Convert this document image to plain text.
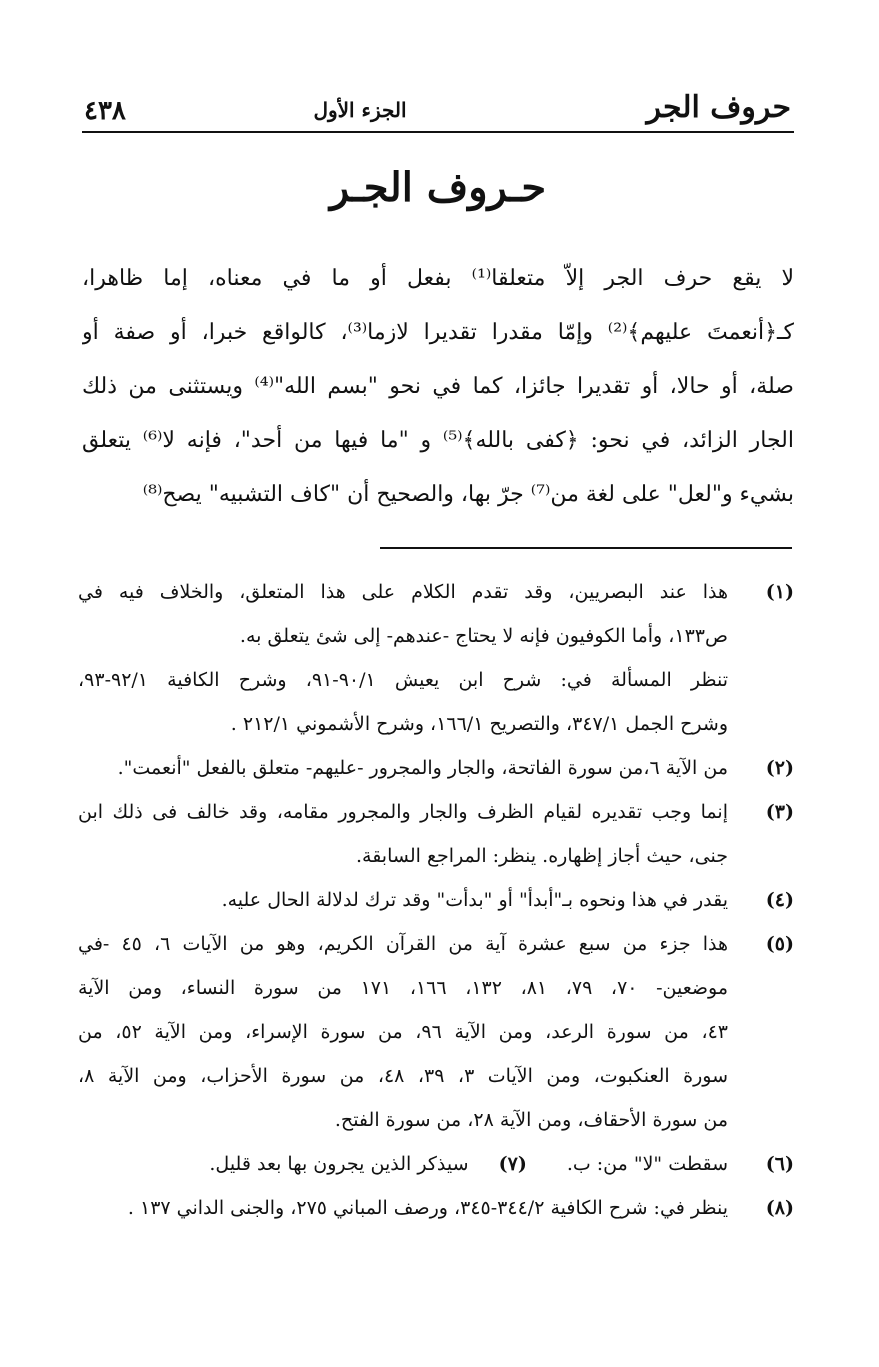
حروف الجر
الجزء الأول
٤٣٨
حـروف الجـر
لا يقع حرف الجر إلاّ متعلقا⁽¹⁾ بفعل أو ما في معناه، إما ظاهرا،
كـ﴿أنعمتَ عليهم﴾⁽²⁾ وإمّا مقدرا تقديرا لازما⁽³⁾، كالواقع خبرا، أو صفة أو
صلة، أو حالا، أو تقديرا جائزا، كما في نحو "بسم الله"⁽⁴⁾ ويستثنى من ذلك
الجار الزائد، في نحو: ﴿كفى بالله﴾⁽⁵⁾ و "ما فيها من أحد"، فإنه لا⁽⁶⁾ يتعلق
بشيء و"لعل" على لغة من⁽⁷⁾ جرّ بها، والصحيح أن "كاف التشبيه" يصح⁽⁸⁾
(١)
هذا عند البصريين، وقد تقدم الكلام على هذا المتعلق، والخلاف فيه في
ص١٣٣، وأما الكوفيون فإنه لا يحتاج -عندهم- إلى شئ يتعلق به.
تنظر المسألة في: شرح ابن يعيش ٩٠/١-٩١، وشرح الكافية ٩٢/١-٩٣،
وشرح الجمل ٣٤٧/١، والتصريح ١٦٦/١، وشرح الأشموني ٢١٢/١ .
(٢)
من الآية ٦،من سورة الفاتحة، والجار والمجرور -عليهم- متعلق بالفعل "أنعمت".
(٣)
إنما وجب تقديره لقيام الظرف والجار والمجرور مقامه، وقد خالف فى ذلك ابن
جنى، حيث أجاز إظهاره. ينظر: المراجع السابقة.
(٤)
يقدر في هذا ونحوه بـ"أبدأ" أو "بدأت" وقد ترك لدلالة الحال عليه.
(٥)
هذا جزء من سبع عشرة آية من القرآن الكريم، وهو من الآيات ٦، ٤٥ -في
موضعين- ٧٠، ٧٩، ٨١، ١٣٢، ١٦٦، ١٧١ من سورة النساء، ومن الآية
٤٣، من سورة الرعد، ومن الآية ٩٦، من سورة الإسراء، ومن الآية ٥٢، من
سورة العنكبوت، ومن الآيات ٣، ٣٩، ٤٨، من سورة الأحزاب، ومن الآية ٨،
من سورة الأحقاف، ومن الآية ٢٨، من سورة الفتح.
(٦)
سقطت "لا" من: ب.
(٧)  سيذكر الذين يجرون بها بعد قليل.
(٨)
ينظر في: شرح الكافية ٣٤٤/٢-٣٤٥، ورصف المباني ٢٧٥، والجنى الداني ١٣٧ .
